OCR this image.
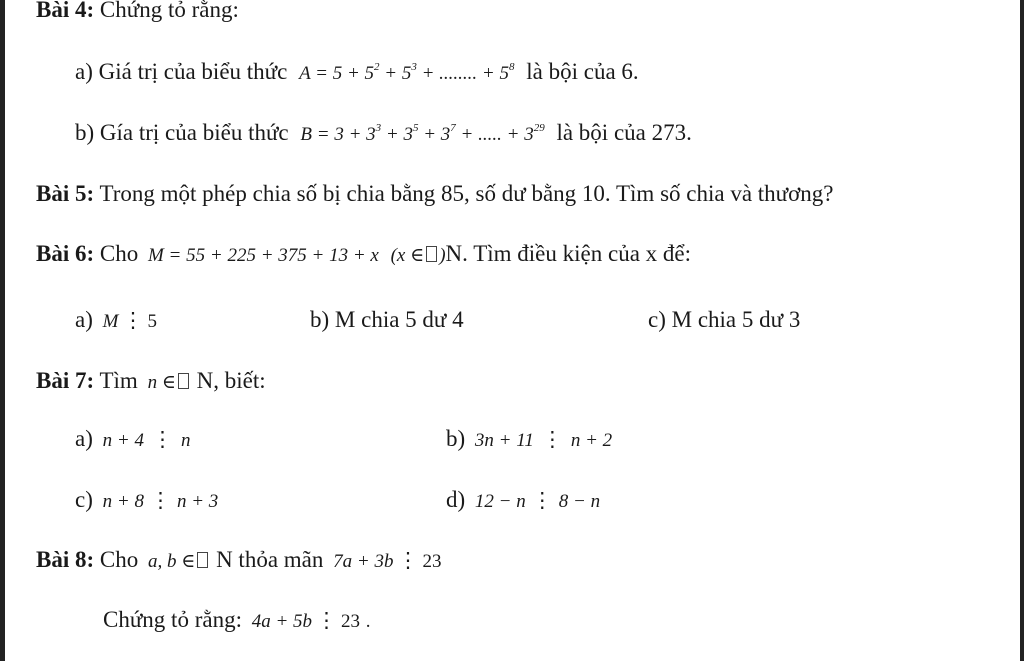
Bài 4: Chứng tỏ rằng:
a) Giá trị của biểu thức $A = 5 + 5^2 + 5^3$ + ........ + $5^8$ là bội của 6.
b) Gía trị của biểu thức $B = 3 + 3^3 + 3^5 + 3^7$ + ..... + $3^{29}$ là bội của 273.
Bài 5: Trong một phép chia số bị chia bằng 85, số dư bằng 10. Tìm số chia và thương?
Bài 6: Cho M = 55 + 225 + 375 + 13 + x (x ∈ )N. Tìm điều kiện của x để:
a) M ⋮ 5	b) M chia 5 dư 4	c) M chia 5 dư 3
Bài 7: Tìm n ∈ N, biết:
a) n + 4 ⋮ n	b) 3n + 11 ⋮ n + 2
c) n + 8 ⋮ n + 3	d) 12 − n ⋮ 8 − n
Bài 8: Cho a, b ∈ N thỏa mãn 7a + 3b ⋮ 23
Chứng tỏ rằng: 4a + 5b ⋮ 23 .
